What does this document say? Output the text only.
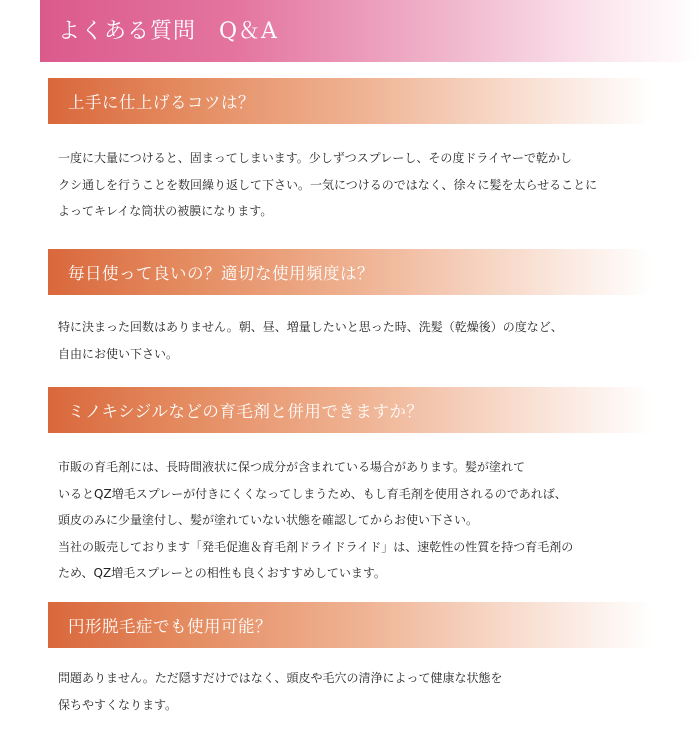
よくある質問　Q＆A
上手に仕上げるコツは？

一度に大量につけると、固まってしまいます。少しずつスプレーし、その度ドライヤーで乾かし
クシ通しを行うことを数回繰り返して下さい。一気につけるのではなく、徐々に髪を太らせることに
よってキレイな筒状の被膜になります。

毎日使って良いの？適切な使用頻度は？

特に決まった回数はありません。朝、昼、増量したいと思った時、洗髪（乾燥後）の度など、
自由にお使い下さい。

ミノキシジルなどの育毛剤と併用できますか？

市販の育毛剤には、長時間液状に保つ成分が含まれている場合があります。髪が塗れて
いるとQZ増毛スプレーが付きにくくなってしまうため、もし育毛剤を使用されるのであれば、
頭皮のみに少量塗付し、髪が塗れていない状態を確認してからお使い下さい。
当社の販売しております「発毛促進＆育毛剤ドライドライド」は、速乾性の性質を持つ育毛剤の
ため、QZ増毛スプレーとの相性も良くおすすめしています。

円形脱毛症でも使用可能？

問題ありません。ただ隠すだけではなく、頭皮や毛穴の清浄によって健康な状態を
保ちやすくなります。
